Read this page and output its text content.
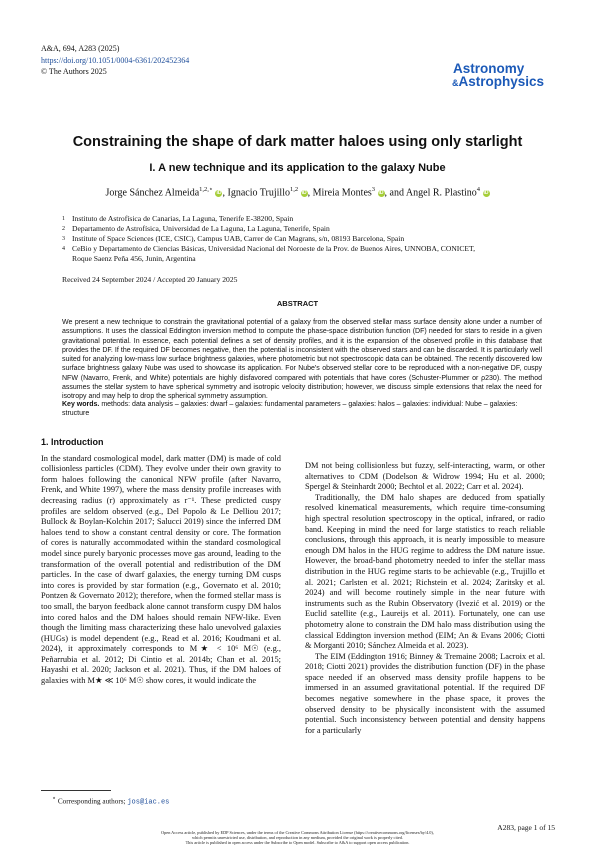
A&A, 694, A283 (2025)
https://doi.org/10.1051/0004-6361/202452364
© The Authors 2025	Astronomy
&Astrophysics
Constraining the shape of dark matter haloes using only starlight
I. A new technique and its application to the galaxy Nube
Jorge Sánchez Almeida$^{1,2,⋆}$ iD, Ignacio Trujillo$^{1,2}$ iD, Mireia Montes$^3$ iD, and Angel R. Plastino$^4$ iD
1 Instituto de Astrofísica de Canarias, La Laguna, Tenerife E-38200, Spain
2 Departamento de Astrofísica, Universidad de La Laguna, La Laguna, Tenerife, Spain
3 Institute of Space Sciences (ICE, CSIC), Campus UAB, Carrer de Can Magrans, s/n, 08193 Barcelona, Spain
4 CeBio y Departamento de Ciencias Básicas, Universidad Nacional del Noroeste de la Prov. de Buenos Aires, UNNOBA, CONICET,
Roque Saenz Peña 456, Junin, Argentina
Received 24 September 2024 / Accepted 20 January 2025
ABSTRACT
We present a new technique to constrain the gravitational potential of a galaxy from the observed stellar mass surface density alone under a number of assumptions. It uses the classical Eddington inversion method to compute the phase-space distribution function (DF) needed for stars to reside in a given gravitational potential. In essence, each potential defines a set of density profiles, and it is the expansion of the observed profile in this database that provides the DF. If the required DF becomes negative, then the potential is inconsistent with the observed stars and can be discarded. It is particularly well suited for analyzing low-mass low surface brightness galaxies, where photometric but not spectroscopic data can be obtained. The recently discovered low surface brightness galaxy Nube was used to showcase its application. For Nube's observed stellar core to be reproduced with a non-negative DF, cuspy NFW (Navarro, Frenk, and White) potentials are highly disfavored compared with potentials that have cores (Schuster-Plummer or ρ230). The method assumes the stellar system to have spherical symmetry and isotropic velocity distribution; however, we discuss simple extensions that relax the need for isotropy and may help to drop the spherical symmetry assumption.
Key words. methods: data analysis – galaxies: dwarf – galaxies: fundamental parameters – galaxies: halos – galaxies: individual: Nube – galaxies: structure
1. Introduction

In the standard cosmological model, dark matter (DM) is made of cold collisionless particles (CDM). They evolve under their own gravity to form haloes following the canonical NFW profile (after Navarro, Frenk, and White 1997), where the mass density profile increases with decreasing radius (r) approximately as r⁻¹. These predicted cuspy profiles are seldom observed (e.g., Del Popolo & Le Delliou 2017; Bullock & Boylan-Kolchin 2017; Salucci 2019) since the inferred DM haloes tend to show a constant central density or core. The formation of cores is naturally accommodated within the standard cosmological model since purely baryonic processes move gas around, leading to the transformation of the overall potential and redistribution of the DM particles. In the case of dwarf galaxies, the energy turning DM cusps into cores is provided by star formation (e.g., Governato et al. 2010; Pontzen & Governato 2012); therefore, when the formed stellar mass is too small, the baryon feedback alone cannot transform cuspy DM halos into cored halos and the DM haloes should remain NFW-like. Even though the limiting mass characterizing these halo unevolved galaxies (HUGs) is model dependent (e.g., Read et al. 2016; Koudmani et al. 2024), it approximately corresponds to M★ < 10⁶ M☉ (e.g., Peñarrubia et al. 2012; Di Cintio et al. 2014b; Chan et al. 2015; Hayashi et al. 2020; Jackson et al. 2021). Thus, if the DM haloes of galaxies with M★ ≪ 10⁶ M☉ show cores, it would indicate the

DM not being collisionless but fuzzy, self-interacting, warm, or other alternatives to CDM (Dodelson & Widrow 1994; Hu et al. 2000; Spergel & Steinhardt 2000; Bechtol et al. 2022; Carr et al. 2024).

Traditionally, the DM halo shapes are deduced from spatially resolved kinematical measurements, which require time-consuming high spectral resolution spectroscopy in the optical, infrared, or radio band. Keeping in mind the need for large statistics to reach reliable conclusions, through this approach, it is nearly impossible to measure enough DM halos in the HUG regime to address the DM nature issue. However, the broad-band photometry needed to infer the stellar mass distribution in the HUG regime starts to be achievable (e.g., Trujillo et al. 2021; Carlsten et al. 2021; Richstein et al. 2024; Zaritsky et al. 2024) and will become routinely simple in the near future with instruments such as the Rubin Observatory (Ivezić et al. 2019) or the Euclid satellite (e.g., Laureijs et al. 2011). Fortunately, one can use photometry alone to constrain the DM halo mass distribution using the classical Eddington inversion method (EIM; An & Evans 2006; Ciotti & Morganti 2010; Sánchez Almeida et al. 2023).

The EIM (Eddington 1916; Binney & Tremaine 2008; Lacroix et al. 2018; Ciotti 2021) provides the distribution function (DF) in the phase space needed if an observed mass density profile happens to be immersed in an assumed gravitational potential. If the required DF becomes negative somewhere in the phase space, it proves the observed density to be physically inconsistent with the assumed potential. Such inconsistency between potential and density happens for a particularly

⋆ Corresponding authors; jos@iac.es
A283, page 1 of 15
Open Access article, published by EDP Sciences, under the terms of the Creative Commons Attribution License (https://creativecommons.org/licenses/by/4.0),
which permits unrestricted use, distribution, and reproduction in any medium, provided the original work is properly cited.
This article is published in open access under the Subscribe to Open model. Subscribe to A&A to support open access publication.
